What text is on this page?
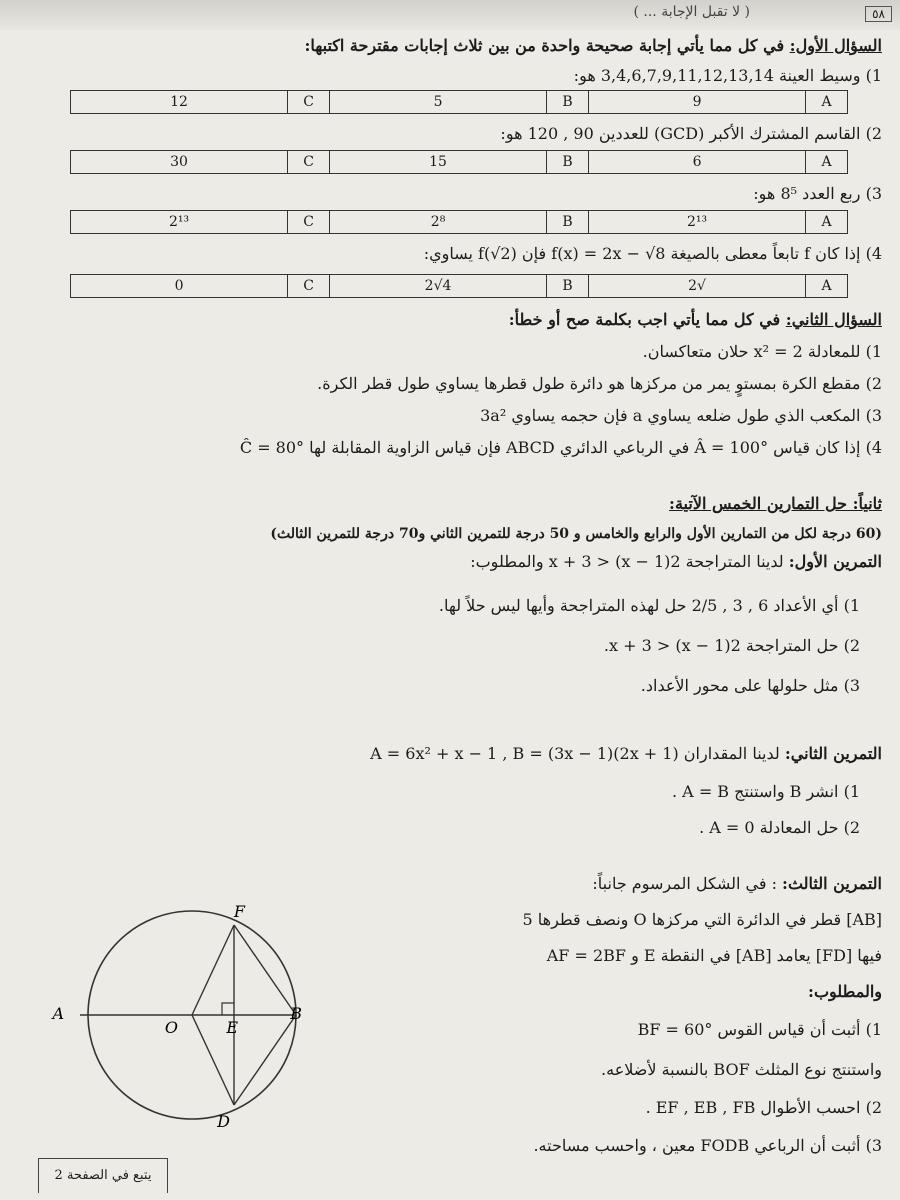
٥٨
( لا تقبل الإجابة ... )
السؤال الأول: في كل مما يأتي إجابة صحيحة واحدة من بين ثلاث إجابات مقترحة اكتبها:
1) وسيط العينة 3,4,6,7,9,11,12,13,14 هو:
A	9	B	5	C	12
2) القاسم المشترك الأكبر (GCD) للعددين 90 , 120 هو:
A	6	B	15	C	30
3) ربع العدد 8⁵ هو:
A	2¹³	B	2⁸	C	2¹³
4) إذا كان f تابعاً معطى بالصيغة f(x) = 2x − √8 فإن f(√2) يساوي:
A	√2	B	4√2	C	0
السؤال الثاني: في كل مما يأتي اجب بكلمة صح أو خطأ:
1) للمعادلة x² = 2 حلان متعاكسان.
2) مقطع الكرة بمستوٍ يمر من مركزها هو دائرة طول قطرها يساوي طول قطر الكرة.
3) المكعب الذي طول ضلعه يساوي a فإن حجمه يساوي 3a²
4) إذا كان قياس Â = 100° في الرباعي الدائري ABCD فإن قياس الزاوية المقابلة لها Ĉ = 80°
ثانياً: حل التمارين الخمس الآتية:
(60 درجة لكل من التمارين الأول والرابع والخامس و 50 درجة للتمرين الثاني و70 درجة للتمرين الثالث)
التمرين الأول: لدينا المتراجحة 2(x − 1) < x + 3 والمطلوب:
1) أي الأعداد 6 , 3 , 2/5 حل لهذه المتراجحة وأيها ليس حلاً لها.
2) حل المتراجحة 2(x − 1) < x + 3.
3) مثل حلولها على محور الأعداد.
التمرين الثاني: لدينا المقداران A = 6x² + x − 1 , B = (3x − 1)(2x + 1)
1) انشر B واستنتج A = B .
2) حل المعادلة A = 0 .
التمرين الثالث: : في الشكل المرسوم جانباً:
[AB] قطر في الدائرة التي مركزها O ونصف قطرها 5
فيها [FD] يعامد [AB] في النقطة E و AF = 2BF
والمطلوب:
1) أثبت أن قياس القوس BF = 60°
واستنتج نوع المثلث BOF بالنسبة لأضلاعه.
2) احسب الأطوال EF , EB , FB .
3) أثبت أن الرباعي FODB معين ، واحسب مساحته.
A	B
O	E
F
D
يتبع في الصفحة 2
